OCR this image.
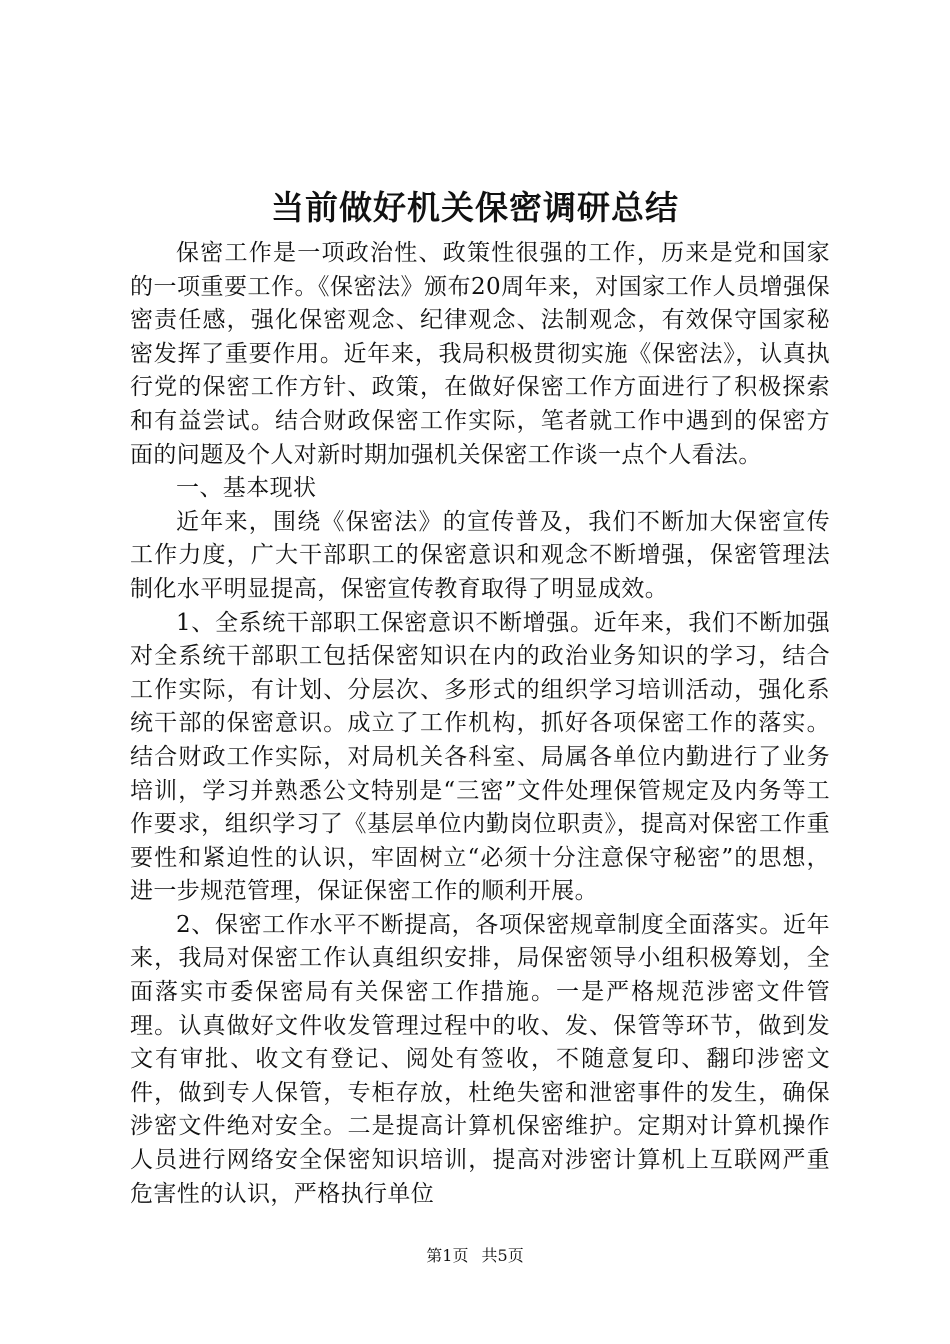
当前做好机关保密调研总结

保密工作是一项政治性、政策性很强的工作，历来是党和国家的一项重要工作。《保密法》颁布20周年来，对国家工作人员增强保密责任感，强化保密观念、纪律观念、法制观念，有效保守国家秘密发挥了重要作用。近年来，我局积极贯彻实施《保密法》，认真执行党的保密工作方针、政策，在做好保密工作方面进行了积极探索和有益尝试。结合财政保密工作实际，笔者就工作中遇到的保密方面的问题及个人对新时期加强机关保密工作谈一点个人看法。

一、基本现状

近年来，围绕《保密法》的宣传普及，我们不断加大保密宣传工作力度，广大干部职工的保密意识和观念不断增强，保密管理法制化水平明显提高，保密宣传教育取得了明显成效。

1、全系统干部职工保密意识不断增强。近年来，我们不断加强对全系统干部职工包括保密知识在内的政治业务知识的学习，结合工作实际，有计划、分层次、多形式的组织学习培训活动，强化系统干部的保密意识。成立了工作机构，抓好各项保密工作的落实。结合财政工作实际，对局机关各科室、局属各单位内勤进行了业务培训，学习并熟悉公文特别是“三密”文件处理保管规定及内务等工作要求，组织学习了《基层单位内勤岗位职责》，提高对保密工作重要性和紧迫性的认识，牢固树立“必须十分注意保守秘密”的思想，进一步规范管理，保证保密工作的顺利开展。

2、保密工作水平不断提高，各项保密规章制度全面落实。近年来，我局对保密工作认真组织安排，局保密领导小组积极筹划，全面落实市委保密局有关保密工作措施。一是严格规范涉密文件管理。认真做好文件收发管理过程中的收、发、保管等环节，做到发文有审批、收文有登记、阅处有签收，不随意复印、翻印涉密文件，做到专人保管，专柜存放，杜绝失密和泄密事件的发生，确保涉密文件绝对安全。二是提高计算机保密维护。定期对计算机操作人员进行网络安全保密知识培训，提高对涉密计算机上互联网严重危害性的认识，严格执行单位

第1页 共5页
